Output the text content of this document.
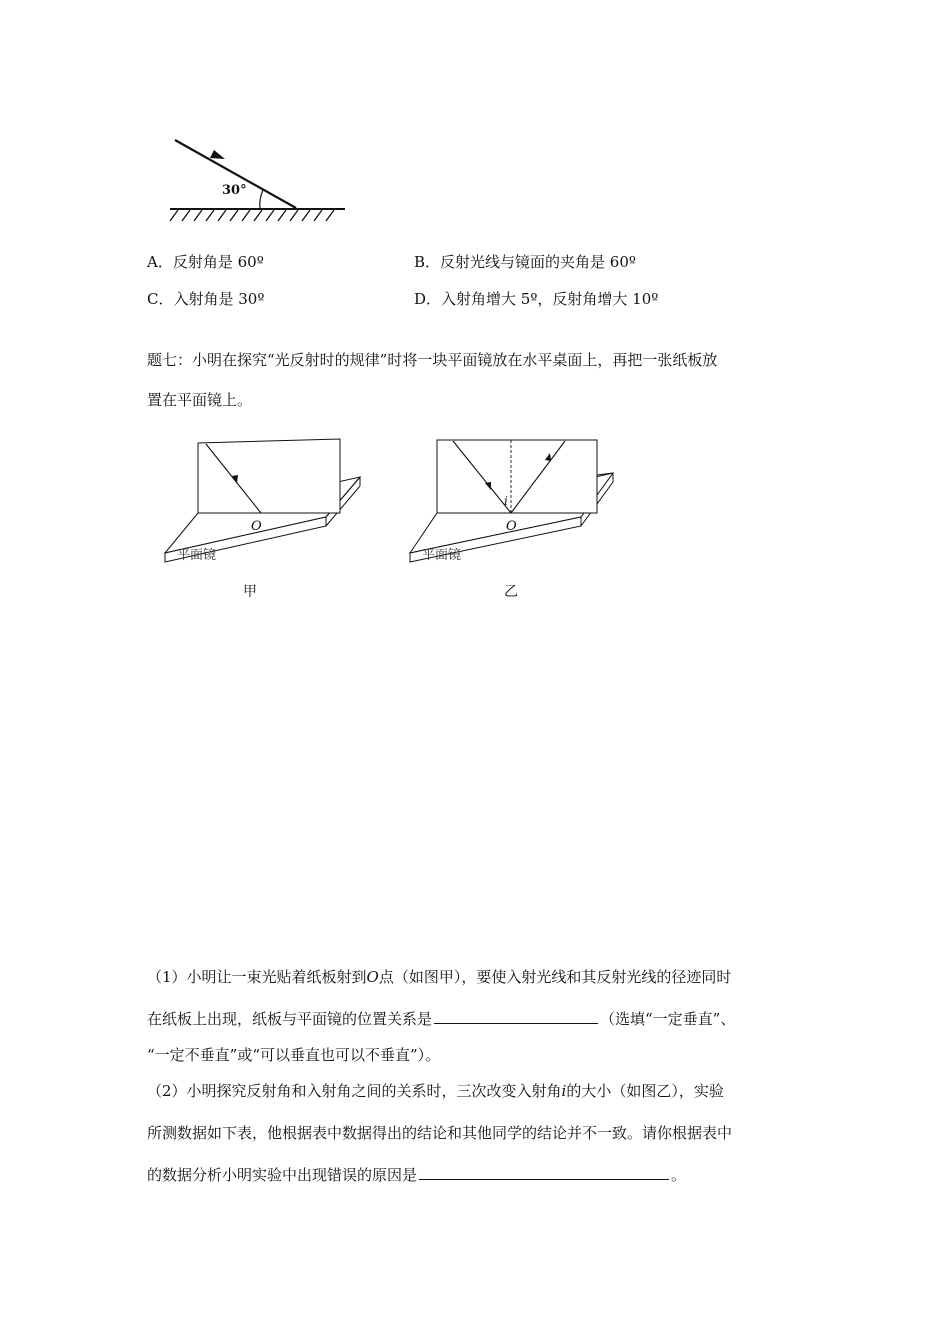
30°
A．反射角是 60º	B．反射光线与镜面的夹角是 60º
C．入射角是 30º	D．入射角增大 5º，反射角增大 10º
题七：小明在探究“光反射时的规律”时将一块平面镜放在水平桌面上，再把一张纸板放
置在平面镜上。
O
平面镜
甲
i
O
平面镜
乙
（1）小明让一束光贴着纸板射到O点（如图甲），要使入射光线和其反射光线的径迹同时
在纸板上出现，纸板与平面镜的位置关系是	（选填“一定垂直”、
“一定不垂直”或“可以垂直也可以不垂直”）。
（2）小明探究反射角和入射角之间的关系时，三次改变入射角i的大小（如图乙），实验
所测数据如下表，他根据表中数据得出的结论和其他同学的结论并不一致。请你根据表中
的数据分析小明实验中出现错误的原因是	。
